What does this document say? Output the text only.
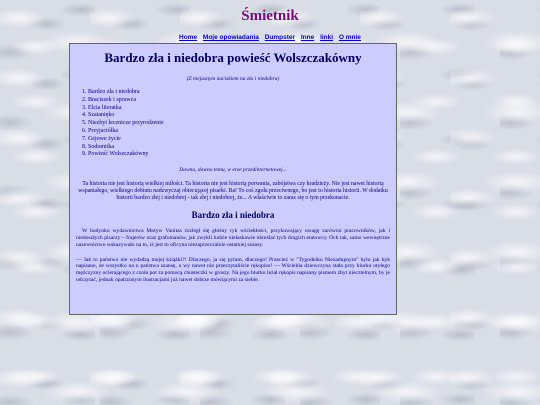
Śmietnik
Home Moje opowiadania Dumpster Inne linki O mnie
Bardzo zła i niedobra powieść Wolszczakówny
(Z niejasnym naciskiem na zła i niedobra)
1. Bardzo zła i niedobra
2. Braciszek i sprawca
3. Elcia literatka
4. Szatanięko
5. Niezbyt lecznicze przyrodzenie
6. Przyjaciółka
7. Gejowe życie
8. Sodomitka
9. Powieść Wolszczakówny
Dawno, dawno temu, w erze przedinternetowej...
Ta historia nie jest historią wielkiej miłości. Ta historia nie jest historią porwania, zabójstwa czy kradzieży. Nie jest nawet historią wspaniałego, wielkiego debiutu nadzwyczaj obiecującej pisarki. Ba! To coś zgoła przeciwnego, bo jest to historia historii. W dodatku historii bardzo złej i niedobrej - tak złej i niedobrej, że... A właściwie to zaraz się o tym przekonacie.
Bardzo zła i niedobra
W budynku wydawnictwa Motyw Vanitas rozległ się głośny ryk wściekłości, przykuwający uwagę zarówno pracowników, jak i niedoszłych pisarzy – frajerów oraz grafomanów, jak zwykli ludzie niełaskawie określać tych drugich etatowcy. Och tak, samo wewnętrzne nazewnictwo wskazywało na to, iż jest to oficyna niezaprzeczalnie ostatniej szansy.
— Jak to państwo nie wydadzą mojej książki?! Dlaczego, ja się pytam, dlaczego! Przecież w "Tygodniku Niezadupnym" było jak byk napisane, że wszystko na u państwa szansę, a wy nawet nie przeczytaliście rękopisu! — Wściekła dziewczyna stała przy biurku otyłego mężczyzny ocierającego z czoła pot za pomocą chusteczki w groszy. Na jego biurku leżał rękopis napisany pismem zbyt niecztelnym, by je odczytać, jednak opatrzonym ilustracjami już nawet dobrze mówiącymi za siebie.
